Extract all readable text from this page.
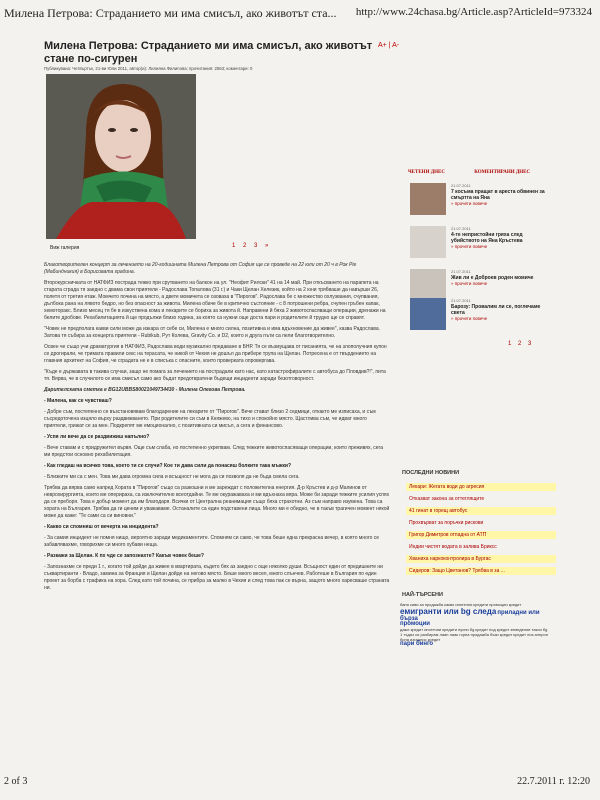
Милена Петрова: Страданието ми има смисъл, ако животът ста... http://www.24chasa.bg/Article.asp?ArticleId=973324
Милена Петрова: Страданието ми има смисъл, ако животът стане по-сигурен
A+ | A-
Публикувана: Четвъртък, 21-ви Юли 2011, автор(и): Лилияна Филипова; прочитания: 2563; коментари: 0
Виж галерия	1 2 3 »

Благотворителен концерт за лечението на 20-годишната Милена Петрова от София ще се проведе на 22 юли от 20 ч в Рок Pie (Мабиндникия) в Борисовата градина.

Второкурсничката от НАТФИЗ пострада тежко при срутването на балкон на ул. "Неофит Рилски" 41 на 14 май. При откъсването на парапета на старата сграда тя заедно с двама свои приятели - Радослава Топалова (31 г.) и Чаки Щелан Хелезик, който на 2 юни трябваше да навърши 26, полетя от третия етаж. Момчето почина на място, а двете момичета се озоваха в "Пирогов". Радослава бе с множество охлузвания, счупвания, дълбока рана на лявото бедро, но без опасност за живота. Милена обаче бе в критично състояние - с 8 потрошени ребра, счупен гръбен капак, хемоторакс. Близо месец тя бе в изкуствена кома и лекарите се бориха за живота й. Направени й бяха 2 животоспасяващи операции, дренажи на белите дробове. Рехабилитацията й ще продължи близо година, за която са нужни още доста пари и родителите й трудно ще се справят.

"Човек не предполага какви сили може да изкара от себе си, Милена е много силна, позитивна и има вдъхновение да живее", казва Радослава. Затова тя събира за концерта приятели - Rubikub, Рут Колева, Gravity Co. и D2, които и друга пъти са пели благотворително.

Освен че също учи драматургия в НАТФИЗ, Радослава води музикално предаване в БНР. Тя се възмущава от писанията, че на злополучния купон се дрогирали, че тримата правили секс на терасата, че никой от Чехия не дошъл да прибере трупа на Щелан. Потресена е от твърдението на главния архитект на София, че сградата не е в списъка с опасните, които проверката опровергава.

"Къде е държавата в такива случаи, защо не помага за лечението на пострадали като нас, като катастрофиралите с автобуса до Пловдив?!", пита тя. Вярва, че в случилото се има смисъл само ако бъдат предотвратени бъдещи инциденти заради безотговорност.

Дарителската сметка е BG12UBBS80021049734430 - Милена Олегова Петрова.

- Милена, как се чувстваш?

- Добре съм, постепенно се възстановявам благодарение на лекарите от "Пирогов". Вече стават близо 2 седмици, откакто ме изписаха, и съм съсредоточена изцяло върху раздвижването. При родителите си съм в Княжево, на тихо и спокойно място. Щастлива съм, че идват много приятели, грижат се за мен. Подкрепят ме емоционално, с позитивната си мисъл, а сега и финансово.

- Успя ли вече да се раздвижиш напълно?

- Вече ставам и с придружител вървя. Още съм слаба, но постепенно укрепвам. След тежките животоспасяващи операции, които преживях, сега ми предстои основно рехабилитация.

- Как гледаш на всичко това, което ти се случи? Кое ти дава сили да понасяш болките така мъжки?

- Близките ми са с мен. Това ми дава огромна сила и всъщност не мога да си позволя да не бъда смела сега.

Трябва да вярва само напред Хората в "Пирогов" също са разкошни и ме зареждат с положителна енергия. Д-р Кръстев и д-р Малинов от неврохирургията, които ме оперираха, са изключително всеотдайни. Те ме окуражаваха и ми вдъхнаха вяра. Може би заради тежките усилия успях да се преборя. Това е добър момент да им благодаря. Всички от Централна реанимация също бяха страхотни. Аз съм направо изумена. Това са хората на България. Трябва да ги ценим и уважаваме. Останалите са един подставени лица. Много ми е обидно, че в такъв трагичен момент някой може да каже: "Те сами са си виновни."

- Какво си спомняш от вечерта на инцидента?

- За самия инцидент не помня нищо, вероятно заради медикаментите. Спомням си само, че това беше една прекрасна вечер, в която много се забавлявахме, говорихме си много хубави неща.

- Разкажи за Щелан. К пх чде се запознахте? Какъв човек беше?

- Запознахме се преди 1 г., когато той дойде да живее в квартирата, където бях аз заедно с още няколко души. Всъщност един от предишните ни съквартиранти - Владо, замина за Франция и Щелан дойде на негово място. Беше много весел, много слънчев. Работеше в България по един проект за борба с трафика на хора. След като той почина, се прибра за малко в Чехия и след това пак се върна, защото много харесваше страната ни.

ЧЕТЕНИ ДНЕС	КОМЕНТИРАНИ ДНЕС
21.07.2011
7 косъма пращат в ареста обвинен за смъртта на Яна
» прочети повече
21.07.2011
4-те непристойни гряха след убийството на Яна Кръстева
» прочети повече
21.07.2011
Жив ли е Доброев роден момиче
» прочети повече
21.07.2011
Барозу: Провалим ли се, поглечаме света
» прочети повече
1 2 3
ПОСЛЕДНИ НОВИНИ
Лекари: Жегата води до агресия
Отказват закона за оттеглящите
41 гинат в горещ автобус
Прохвърват за поръчки рискови
Григор Димитров отпадна от АТП
Индии чистят водата в залива Бриксс
Хваниха наркоконтролира в Бургас
Сидеров: Защо Цветанов? Трябва в за ...
НАЙ-ТЪРСЕНИ
баня сиви за продажба какво ипотечни кредити промоции кредит
емигранти или bg следа приладни или бърза
промоции
даже кредит ипотечни кредити пусни бg кредит под кредит земеделие такси бg 1 тъдяз си разбирам лаан лаак горна продажба бъзи кредит кредит лиз алпрон бона изгадлис кредит
пари бинго
2 of 3	22.7.2011 г. 12:20
